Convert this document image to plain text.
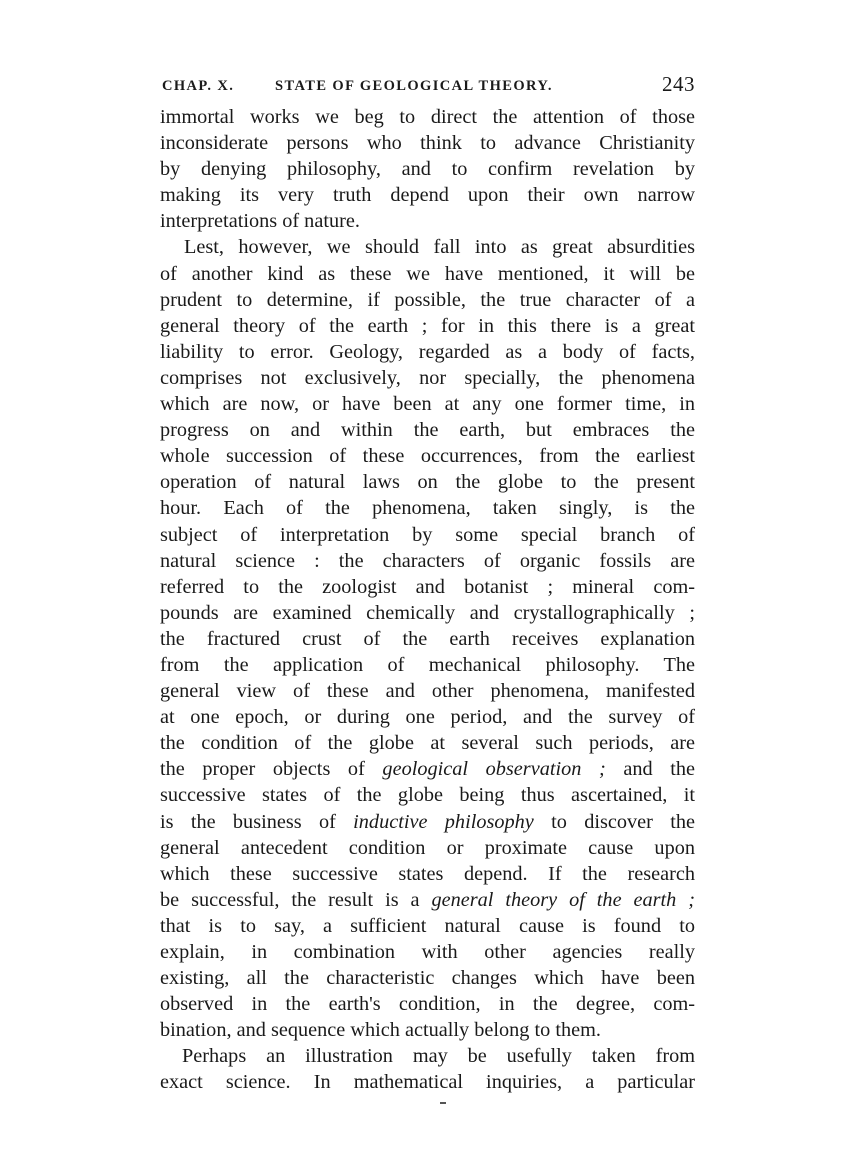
CHAP. X.	STATE OF GEOLOGICAL THEORY.	243
immortal works we beg to direct the attention of those
inconsiderate persons who think to advance Christianity
by denying philosophy, and to confirm revelation by
making its very truth depend upon their own narrow
interpretations of nature.
Lest, however, we should fall into as great absurdities
of another kind as these we have mentioned, it will be
prudent to determine, if possible, the true character of a
general theory of the earth ; for in this there is a great
liability to error. Geology, regarded as a body of facts,
comprises not exclusively, nor specially, the phenomena
which are now, or have been at any one former time, in
progress on and within the earth, but embraces the
whole succession of these occurrences, from the earliest
operation of natural laws on the globe to the present
hour. Each of the phenomena, taken singly, is the
subject of interpretation by some special branch of
natural science : the characters of organic fossils are
referred to the zoologist and botanist ; mineral com-
pounds are examined chemically and crystallographically ;
the fractured crust of the earth receives explanation
from the application of mechanical philosophy. The
general view of these and other phenomena, manifested
at one epoch, or during one period, and the survey of
the condition of the globe at several such periods, are
the proper objects of geological observation ; and the
successive states of the globe being thus ascertained, it
is the business of inductive philosophy to discover the
general antecedent condition or proximate cause upon
which these successive states depend. If the research
be successful, the result is a general theory of the earth ;
that is to say, a sufficient natural cause is found to
explain, in combination with other agencies really
existing, all the characteristic changes which have been
observed in the earth's condition, in the degree, com-
bination, and sequence which actually belong to them.
Perhaps an illustration may be usefully taken from
exact science. In mathematical inquiries, a particular
